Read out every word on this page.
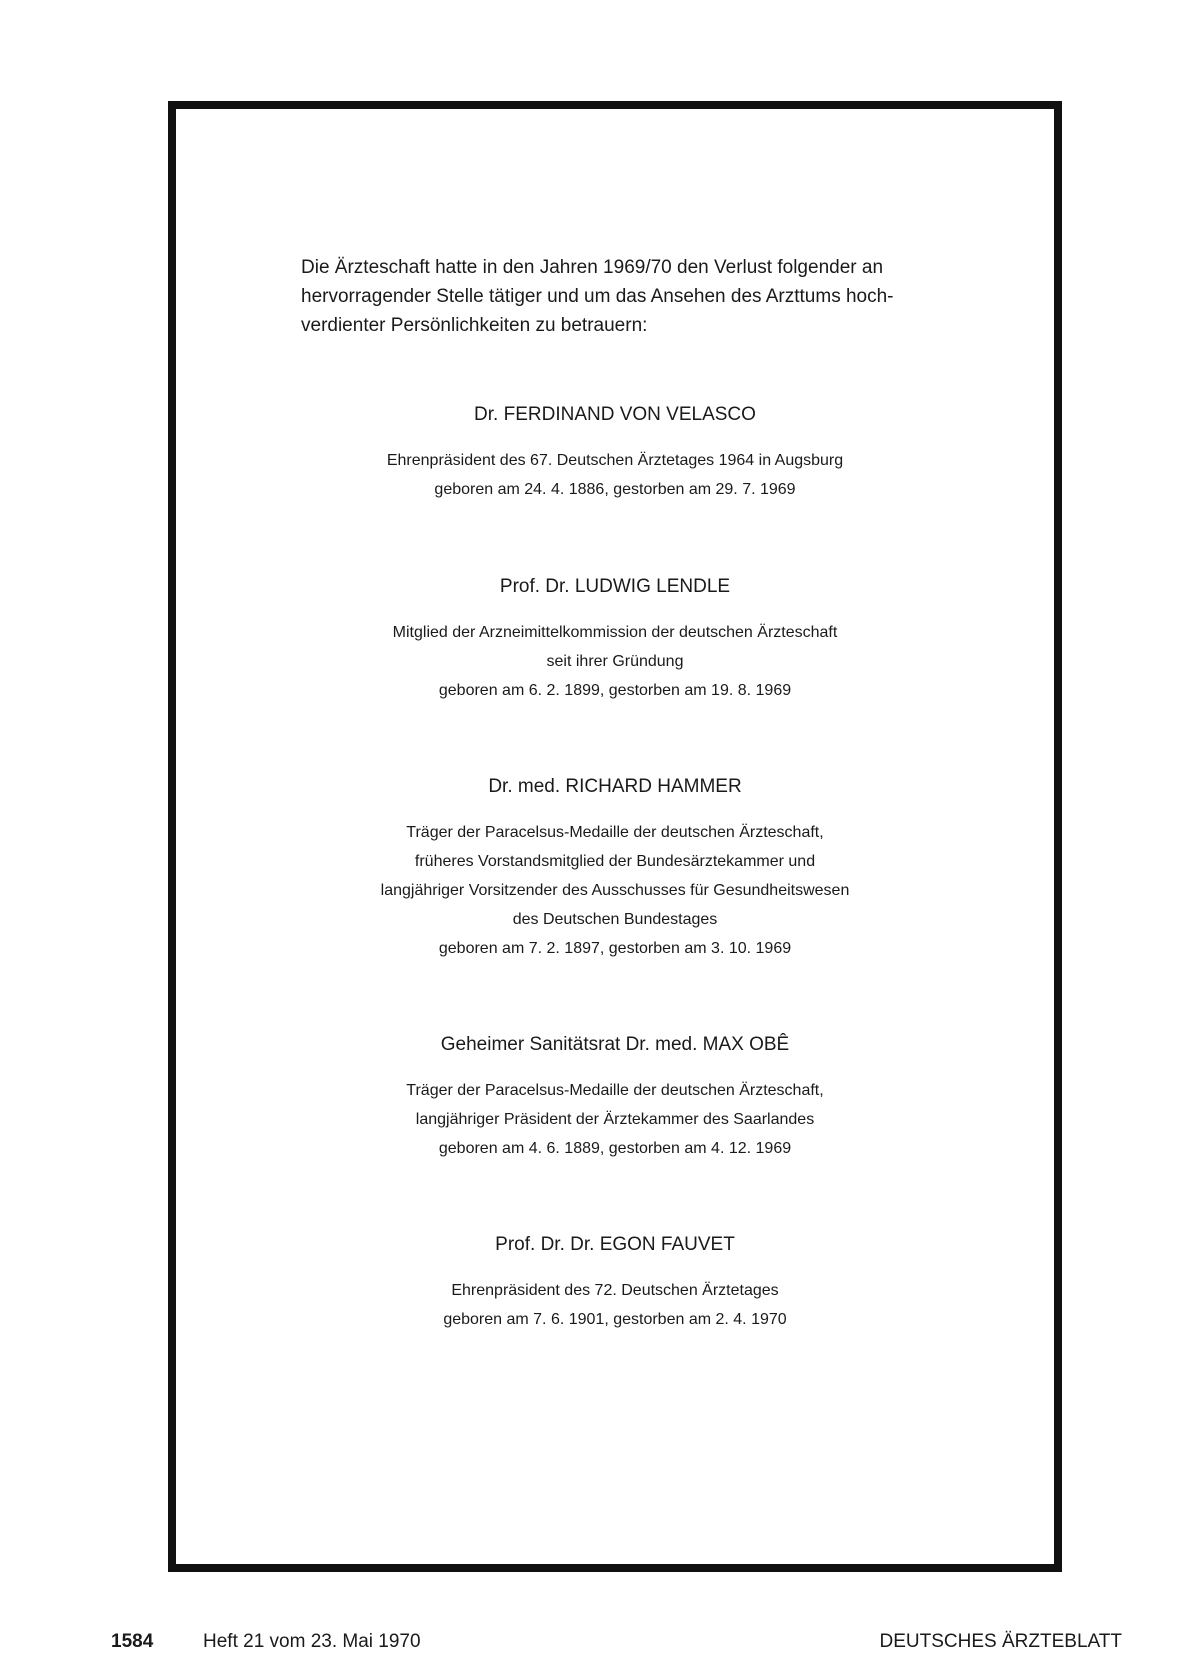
Die Ärzteschaft hatte in den Jahren 1969/70 den Verlust folgender an
hervorragender Stelle tätiger und um das Ansehen des Arzttums hoch-
verdienter Persönlichkeiten zu betrauern:

Dr. FERDINAND VON VELASCO

Ehrenpräsident des 67. Deutschen Ärztetages 1964 in Augsburg

geboren am 24. 4. 1886, gestorben am 29. 7. 1969

Prof. Dr. LUDWIG LENDLE

Mitglied der Arzneimittelkommission der deutschen Ärzteschaft

seit ihrer Gründung

geboren am 6. 2. 1899, gestorben am 19. 8. 1969

Dr. med. RICHARD HAMMER

Träger der Paracelsus-Medaille der deutschen Ärzteschaft,

früheres Vorstandsmitglied der Bundesärztekammer und

langjähriger Vorsitzender des Ausschusses für Gesundheitswesen

des Deutschen Bundestages

geboren am 7. 2. 1897, gestorben am 3. 10. 1969

Geheimer Sanitätsrat Dr. med. MAX OBÊ

Träger der Paracelsus-Medaille der deutschen Ärzteschaft,

langjähriger Präsident der Ärztekammer des Saarlandes

geboren am 4. 6. 1889, gestorben am 4. 12. 1969

Prof. Dr. Dr. EGON FAUVET

Ehrenpräsident des 72. Deutschen Ärztetages

geboren am 7. 6. 1901, gestorben am 2. 4. 1970

1584	Heft 21 vom 23. Mai 1970	DEUTSCHES ÄRZTEBLATT
